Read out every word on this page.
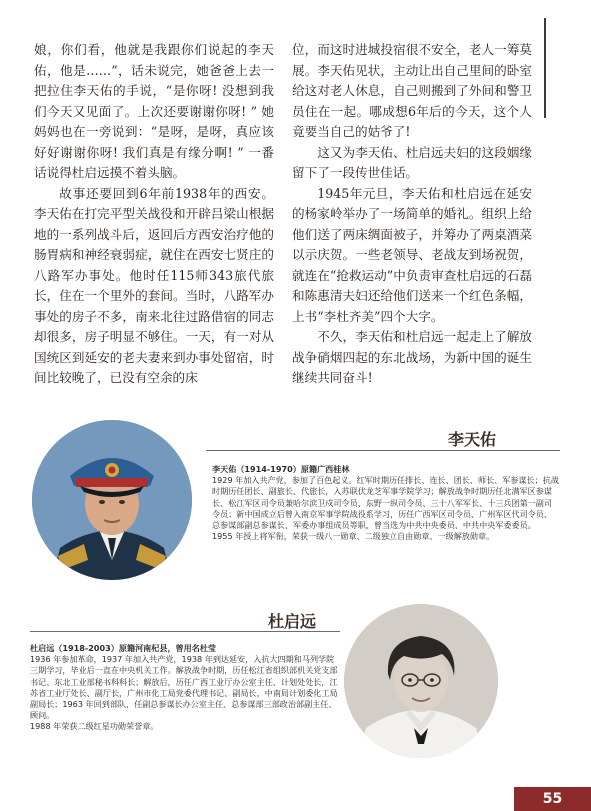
娘，你们看，他就是我跟你们说起的李天佑，他是……”，话未说完，她爸爸上去一把拉住李天佑的手说，“是你呀! 没想到我们今天又见面了。上次还要谢谢你呀! ” 她妈妈也在一旁说到：“是呀，是呀，真应该好好谢谢你呀! 我们真是有缘分啊! ” 一番话说得杜启远摸不着头脑。

故事还要回到6年前1938年的西安。李天佑在打完平型关战役和开辟吕梁山根据地的一系列战斗后，返回后方西安治疗他的肠胃病和神经衰弱症，就住在西安七贤庄的八路军办事处。他时任115师343旅代旅长，住在一个里外的套间。当时，八路军办事处的房子不多，南来北往过路借宿的同志却很多，房子明显不够住。一天，有一对从国统区到延安的老夫妻来到办事处留宿，时间比较晚了，已没有空余的床

位，而这时进城投宿很不安全，老人一筹莫展。李天佑见状，主动让出自己里间的卧室给这对老人休息，自己则搬到了外间和警卫员住在一起。哪成想6年后的今天，这个人竟要当自己的姑爷了!

这又为李天佑、杜启远夫妇的这段姻缘留下了一段传世佳话。

1945年元旦，李天佑和杜启远在延安的杨家岭举办了一场简单的婚礼。组织上给他们送了两床绸面被子，并筹办了两桌酒菜以示庆贺。一些老领导、老战友到场祝贺，就连在“抢救运动”中负责审查杜启远的石磊和陈惠清夫妇还给他们送来一个红色条幅，上书“李杜齐美”四个大字。

不久，李天佑和杜启远一起走上了解放战争硝烟四起的东北战场，为新中国的诞生继续共同奋斗!

李天佑

李天佑（1914-1970）原籍广西桂林

1929 年加入共产党，参加了百色起义。红军时期历任排长、连长、团长、师长、军参谋长；抗战时期历任团长、副旅长、代旅长，入苏联伏龙芝军事学院学习；解放战争时期历任北满军区参谋长、松江军区司令员兼哈尔滨卫戍司令员、东野一纵司令员、三十八军军长、十三兵团第一副司令员；新中国成立后曾入南京军事学院战役系学习，历任广西军区司令员、广州军区代司令员、总参谋部副总参谋长、军委办事组成员等职，曾当选为中共中央委员、中共中央军委委员。

1955 年授上将军衔，荣获一级八一勋章、二级独立自由勋章、一级解放勋章。

杜启远

杜启远（1918-2003）原籍河南杞县，曾用名杜莹

1936 年参加革命，1937 年加入共产党，1938 年到达延安，入抗大四期和马列学院三期学习，毕业后一直在中央机关工作。解放战争时期，历任松江省组织部机关党支部书记、东北工业部秘书科科长；解放后，历任广西工业厅办公室主任、计划处处长，江苏省工业厅处长、副厅长，广州市化工局党委代理书记、副局长，中南局计划委化工局副局长；1963 年回到部队，任副总参谋长办公室主任、总参谋部三部政治部副主任、顾问。

1988 年荣获二级红星功勋荣誉章。

55
